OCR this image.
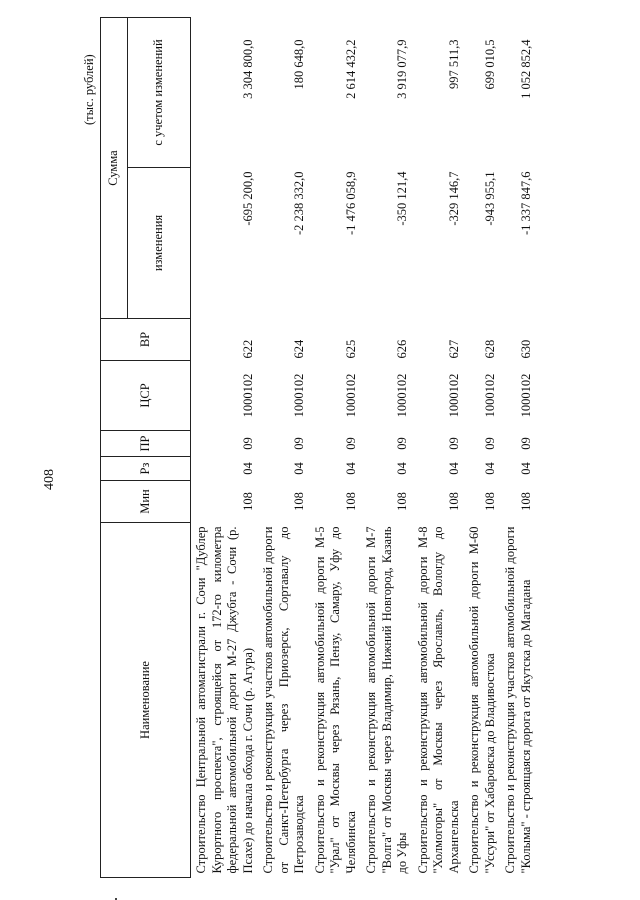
408
(тыс. рублей)
Наименование	Мин	Рз	ПР	ЦСР	ВР	Сумма	
						изменения	с учетом изменений
Строительство Центральной автомагистрали г. Сочи "Дублер Курортного проспекта", строящейся от 172-го километра федеральной автомобильной дороги М-27 Джубга - Сочи (р. Псахе) до начала обхода г. Сочи (р. Агура)	108	04	09	1000102	622	-695 200,0	3 304 800,0
Строительство и реконструкция участков автомобильной дороги от Санкт-Петербурга через Приозерск, Сортавалу до Петрозаводска	108	04	09	1000102	624	-2 238 332,0	180 648,0
Строительство и реконструкция автомобильной дороги М-5 "Урал" от Москвы через Рязань, Пензу, Самару, Уфу до Челябинска	108	04	09	1000102	625	-1 476 058,9	2 614 432,2
Строительство и реконструкция автомобильной дороги М-7 "Волга" от Москвы через Владимир, Нижний Новгород, Казань до Уфы	108	04	09	1000102	626	-350 121,4	3 919 077,9
Строительство и реконструкция автомобильной дороги М-8 "Холмогоры" от Москвы через Ярославль, Вологду до Архангельска	108	04	09	1000102	627	-329 146,7	997 511,3
Строительство и реконструкция автомобильной дороги М-60 "Уссури" от Хабаровска до Владивостока	108	04	09	1000102	628	-943 955,1	699 010,5
Строительство и реконструкция участков автомобильной дороги "Колыма" - строящаяся дорога от Якутска до Магадана	108	04	09	1000102	630	-1 337 847,6	1 052 852,4
